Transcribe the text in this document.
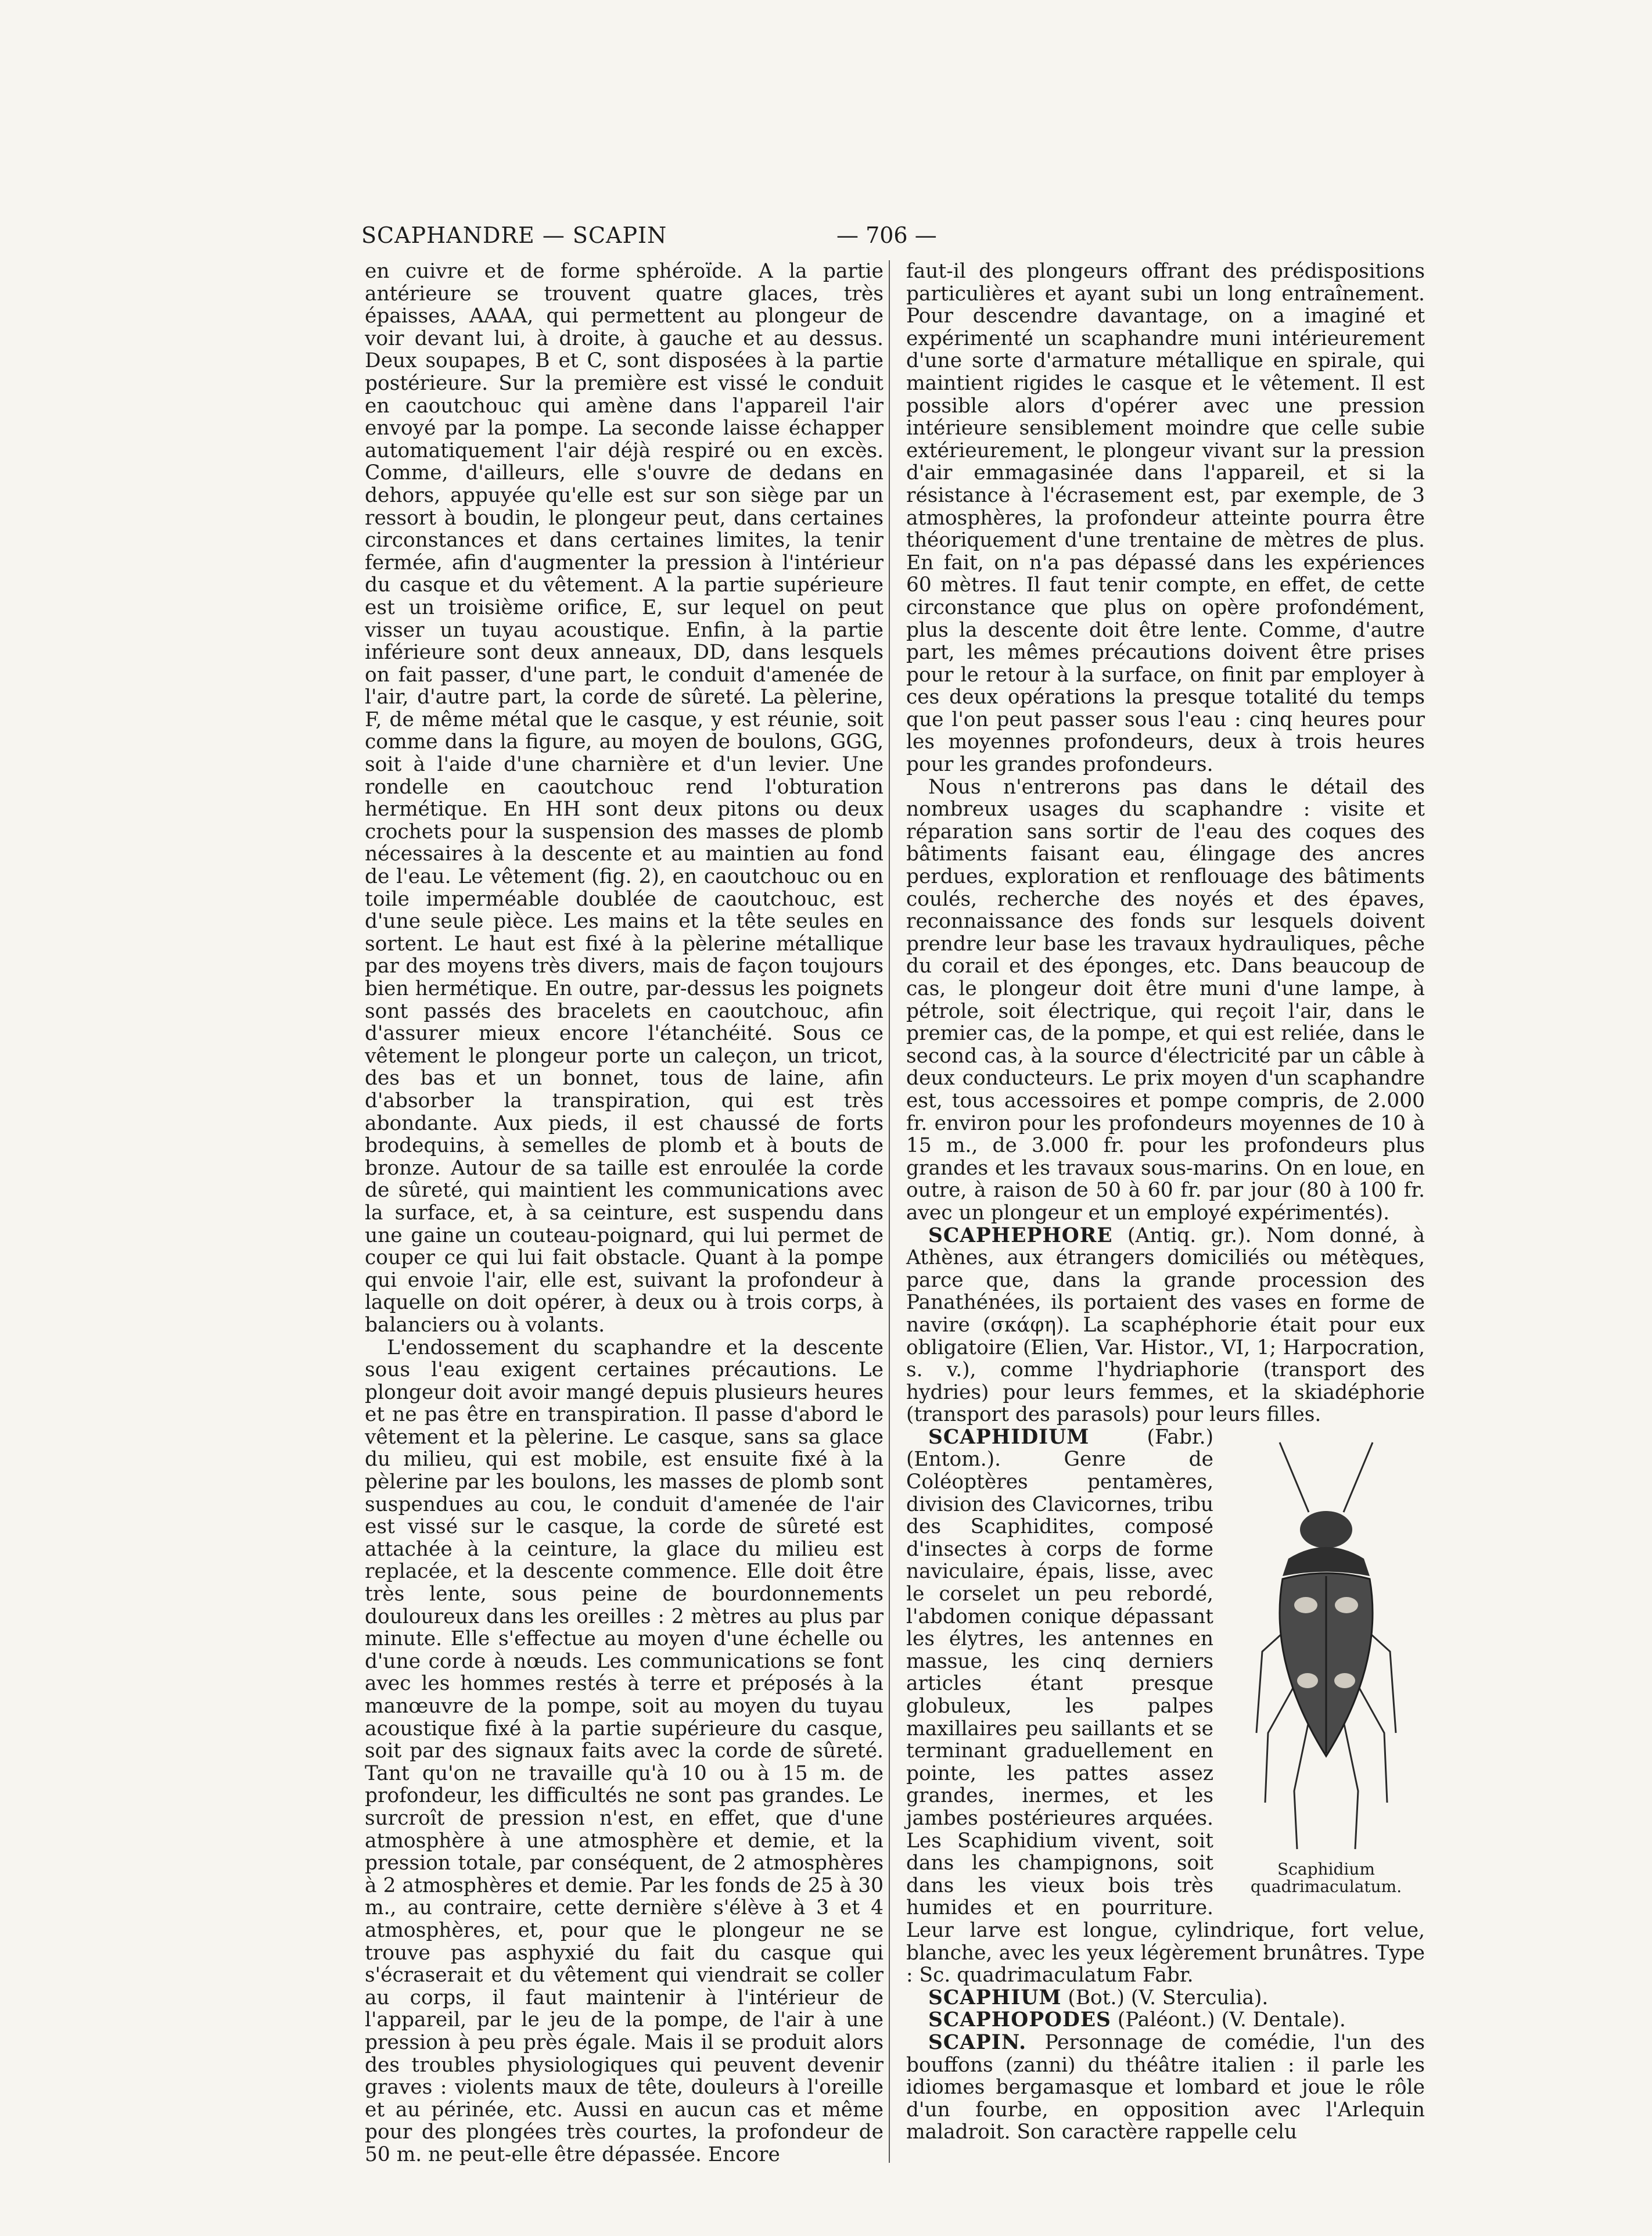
SCAPHANDRE — SCAPIN	— 706 —

en cuivre et de forme sphéroïde. A la partie antérieure se trouvent quatre glaces, très épaisses, AAAA, qui permettent au plongeur de voir devant lui, à droite, à gauche et au dessus. Deux soupapes, B et C, sont disposées à la partie postérieure. Sur la première est vissé le conduit en caoutchouc qui amène dans l'appareil l'air envoyé par la pompe. La seconde laisse échapper automatiquement l'air déjà respiré ou en excès. Comme, d'ailleurs, elle s'ouvre de dedans en dehors, appuyée qu'elle est sur son siège par un ressort à boudin, le plongeur peut, dans certaines circonstances et dans certaines limites, la tenir fermée, afin d'augmenter la pression à l'intérieur du casque et du vêtement. A la partie supérieure est un troisième orifice, E, sur lequel on peut visser un tuyau acoustique. Enfin, à la partie inférieure sont deux anneaux, DD, dans lesquels on fait passer, d'une part, le conduit d'amenée de l'air, d'autre part, la corde de sûreté. La pèlerine, F, de même métal que le casque, y est réunie, soit comme dans la figure, au moyen de boulons, GGG, soit à l'aide d'une charnière et d'un levier. Une rondelle en caoutchouc rend l'obturation hermétique. En HH sont deux pitons ou deux crochets pour la suspension des masses de plomb nécessaires à la descente et au maintien au fond de l'eau. Le vêtement (fig. 2), en caoutchouc ou en toile imperméable doublée de caoutchouc, est d'une seule pièce. Les mains et la tête seules en sortent. Le haut est fixé à la pèlerine métallique par des moyens très divers, mais de façon toujours bien hermétique. En outre, par-dessus les poignets sont passés des bracelets en caoutchouc, afin d'assurer mieux encore l'étanchéité. Sous ce vêtement le plongeur porte un caleçon, un tricot, des bas et un bonnet, tous de laine, afin d'absorber la transpiration, qui est très abondante. Aux pieds, il est chaussé de forts brodequins, à semelles de plomb et à bouts de bronze. Autour de sa taille est enroulée la corde de sûreté, qui maintient les communications avec la surface, et, à sa ceinture, est suspendu dans une gaine un couteau-poignard, qui lui permet de couper ce qui lui fait obstacle. Quant à la pompe qui envoie l'air, elle est, suivant la profondeur à laquelle on doit opérer, à deux ou à trois corps, à balanciers ou à volants.

L'endossement du scaphandre et la descente sous l'eau exigent certaines précautions. Le plongeur doit avoir mangé depuis plusieurs heures et ne pas être en transpiration. Il passe d'abord le vêtement et la pèlerine. Le casque, sans sa glace du milieu, qui est mobile, est ensuite fixé à la pèlerine par les boulons, les masses de plomb sont suspendues au cou, le conduit d'amenée de l'air est vissé sur le casque, la corde de sûreté est attachée à la ceinture, la glace du milieu est replacée, et la descente commence. Elle doit être très lente, sous peine de bourdonnements douloureux dans les oreilles : 2 mètres au plus par minute. Elle s'effectue au moyen d'une échelle ou d'une corde à nœuds. Les communications se font avec les hommes restés à terre et préposés à la manœuvre de la pompe, soit au moyen du tuyau acoustique fixé à la partie supérieure du casque, soit par des signaux faits avec la corde de sûreté. Tant qu'on ne travaille qu'à 10 ou à 15 m. de profondeur, les difficultés ne sont pas grandes. Le surcroît de pression n'est, en effet, que d'une atmosphère à une atmosphère et demie, et la pression totale, par conséquent, de 2 atmosphères à 2 atmosphères et demie. Par les fonds de 25 à 30 m., au contraire, cette dernière s'élève à 3 et 4 atmosphères, et, pour que le plongeur ne se trouve pas asphyxié du fait du casque qui s'écraserait et du vêtement qui viendrait se coller au corps, il faut maintenir à l'intérieur de l'appareil, par le jeu de la pompe, de l'air à une pression à peu près égale. Mais il se produit alors des troubles physiologiques qui peuvent devenir graves : violents maux de tête, douleurs à l'oreille et au périnée, etc. Aussi en aucun cas et même pour des plongées très courtes, la profondeur de 50 m. ne peut-elle être dépassée. Encore

faut-il des plongeurs offrant des prédispositions particulières et ayant subi un long entraînement. Pour descendre davantage, on a imaginé et expérimenté un scaphandre muni intérieurement d'une sorte d'armature métallique en spirale, qui maintient rigides le casque et le vêtement. Il est possible alors d'opérer avec une pression intérieure sensiblement moindre que celle subie extérieurement, le plongeur vivant sur la pression d'air emmagasinée dans l'appareil, et si la résistance à l'écrasement est, par exemple, de 3 atmosphères, la profondeur atteinte pourra être théoriquement d'une trentaine de mètres de plus. En fait, on n'a pas dépassé dans les expériences 60 mètres. Il faut tenir compte, en effet, de cette circonstance que plus on opère profondément, plus la descente doit être lente. Comme, d'autre part, les mêmes précautions doivent être prises pour le retour à la surface, on finit par employer à ces deux opérations la presque totalité du temps que l'on peut passer sous l'eau : cinq heures pour les moyennes profondeurs, deux à trois heures pour les grandes profondeurs.

Nous n'entrerons pas dans le détail des nombreux usages du scaphandre : visite et réparation sans sortir de l'eau des coques des bâtiments faisant eau, élingage des ancres perdues, exploration et renflouage des bâtiments coulés, recherche des noyés et des épaves, reconnaissance des fonds sur lesquels doivent prendre leur base les travaux hydrauliques, pêche du corail et des éponges, etc. Dans beaucoup de cas, le plongeur doit être muni d'une lampe, à pétrole, soit électrique, qui reçoit l'air, dans le premier cas, de la pompe, et qui est reliée, dans le second cas, à la source d'électricité par un câble à deux conducteurs. Le prix moyen d'un scaphandre est, tous accessoires et pompe compris, de 2.000 fr. environ pour les profondeurs moyennes de 10 à 15 m., de 3.000 fr. pour les profondeurs plus grandes et les travaux sous-marins. On en loue, en outre, à raison de 50 à 60 fr. par jour (80 à 100 fr. avec un plongeur et un employé expérimentés).

SCAPHEPHORE (Antiq. gr.). Nom donné, à Athènes, aux étrangers domiciliés ou métèques, parce que, dans la grande procession des Panathénées, ils portaient des vases en forme de navire (σκάφη). La scaphéphorie était pour eux obligatoire (Elien, Var. Histor., VI, 1; Harpocration, s. v.), comme l'hydriaphorie (transport des hydries) pour leurs femmes, et la skiadéphorie (transport des parasols) pour leurs filles.

Scaphidium quadrimaculatum.
SCAPHIDIUM	(Fabr.) (Entom.). Genre de Coléoptères pentamères, division des Clavicornes, tribu des Scaphidites, composé d'insectes à corps de forme naviculaire, épais, lisse, avec le corselet un peu rebordé, l'abdomen conique dépassant les élytres, les antennes en massue, les cinq derniers articles étant presque globuleux, les palpes maxillaires peu saillants et se terminant graduellement en pointe, les pattes assez grandes, inermes, et les jambes postérieures arquées. Les Scaphidium vivent, soit dans les champignons, soit dans les vieux bois très humides et en pourriture. Leur larve est longue, cylindrique, fort velue, blanche, avec les yeux légèrement brunâtres. Type : Sc. quadrimaculatum Fabr.

SCAPHIUM (Bot.) (V. Sterculia).

SCAPHOPODES (Paléont.) (V. Dentale).

SCAPIN. Personnage de comédie, l'un des bouffons (zanni) du théâtre italien : il parle les idiomes bergamasque et lombard et joue le rôle d'un fourbe, en opposition avec l'Arlequin maladroit. Son caractère rappelle celu
